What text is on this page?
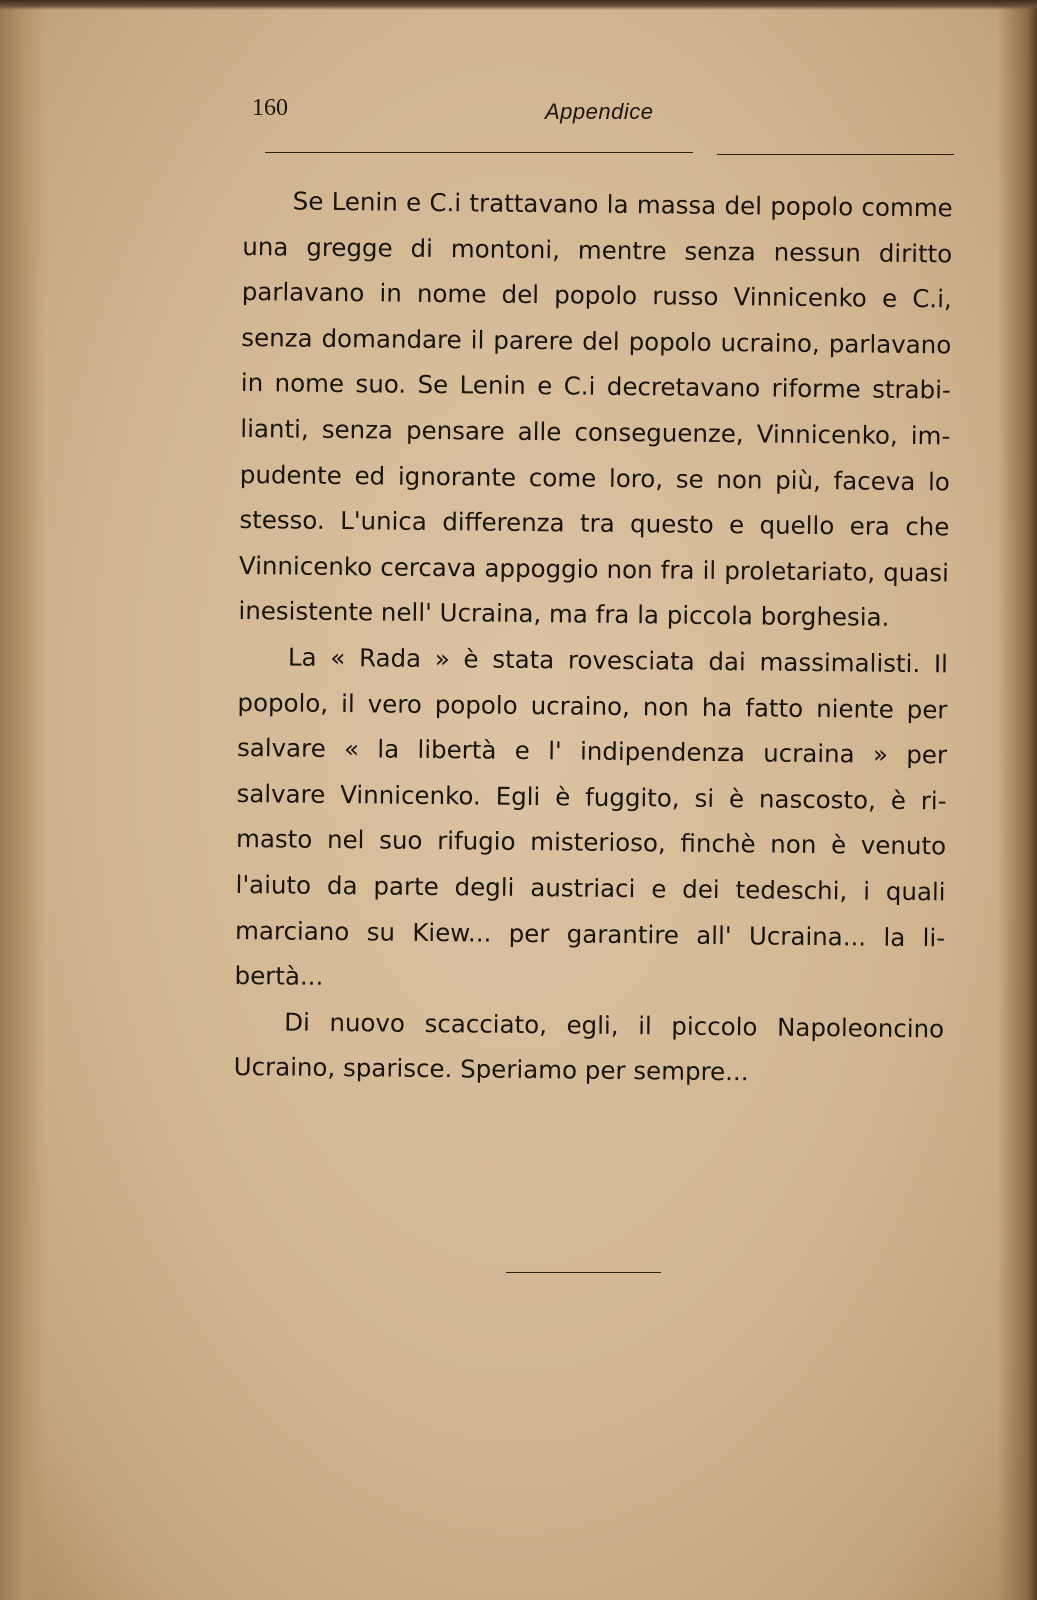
160	Appendice

Se Lenin e C.i trattavano la massa del popolo comme una gregge di montoni, mentre senza nessun diritto parlavano in nome del popolo russo Vinnicenko e C.i, senza domandare il parere del popolo ucraino, parlavano in nome suo. Se Lenin e C.i decretavano riforme strabilianti, senza pensare alle conseguenze, Vinnicenko, impudente ed ignorante come loro, se non più, faceva lo stesso. L'unica differenza tra questo e quello era che Vinnicenko cercava appoggio non fra il proletariato, quasi inesistente nell' Ucraina, ma fra la piccola borghesia.

La « Rada » è stata rovesciata dai massimalisti. Il popolo, il vero popolo ucraino, non ha fatto niente per salvare « la libertà e l' indipendenza ucraina » per salvare Vinnicenko. Egli è fuggito, si è nascosto, è rimasto nel suo rifugio misterioso, finchè non è venuto l'aiuto da parte degli austriaci e dei tedeschi, i quali marciano su Kiew... per garantire all' Ucraina... la libertà...

Di nuovo scacciato, egli, il piccolo Napoleoncino Ucraino, sparisce. Speriamo per sempre...
